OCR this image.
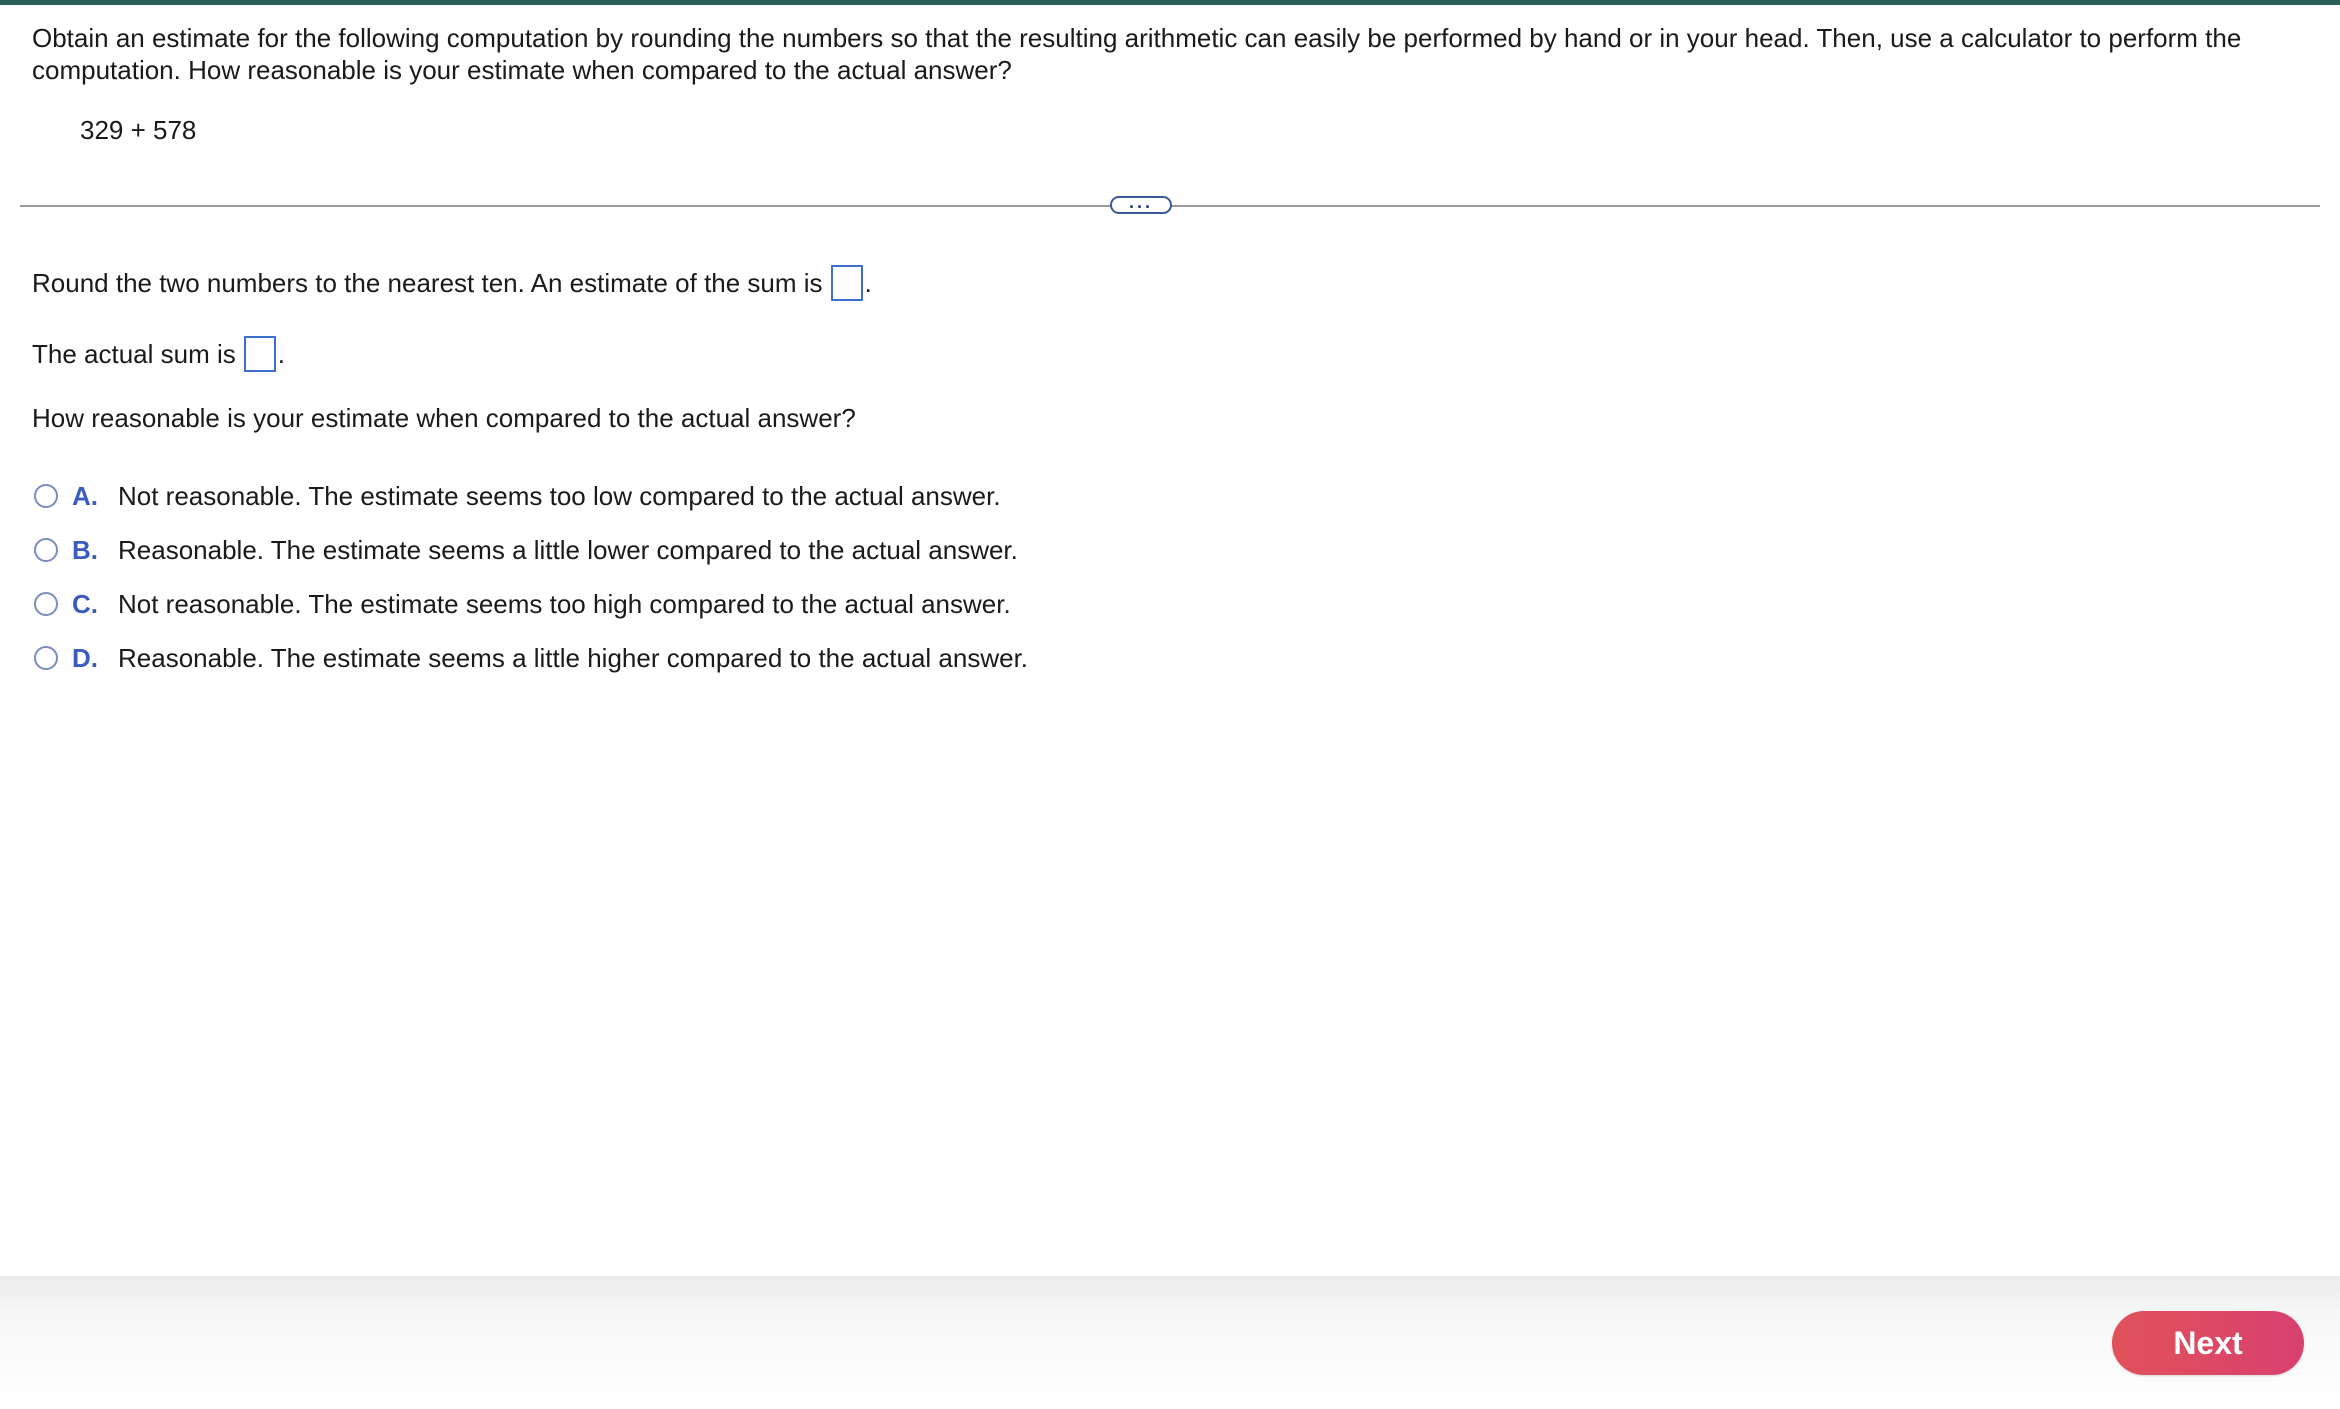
Obtain an estimate for the following computation by rounding the numbers so that the resulting arithmetic can easily be performed by hand or in your head. Then, use a calculator to perform the computation. How reasonable is your estimate when compared to the actual answer?
329 + 578
...
Round the two numbers to the nearest ten. An estimate of the sum is .
The actual sum is .
How reasonable is your estimate when compared to the actual answer?
A. Not reasonable. The estimate seems too low compared to the actual answer.
B. Reasonable. The estimate seems a little lower compared to the actual answer.
C. Not reasonable. The estimate seems too high compared to the actual answer.
D. Reasonable. The estimate seems a little higher compared to the actual answer.
Next
